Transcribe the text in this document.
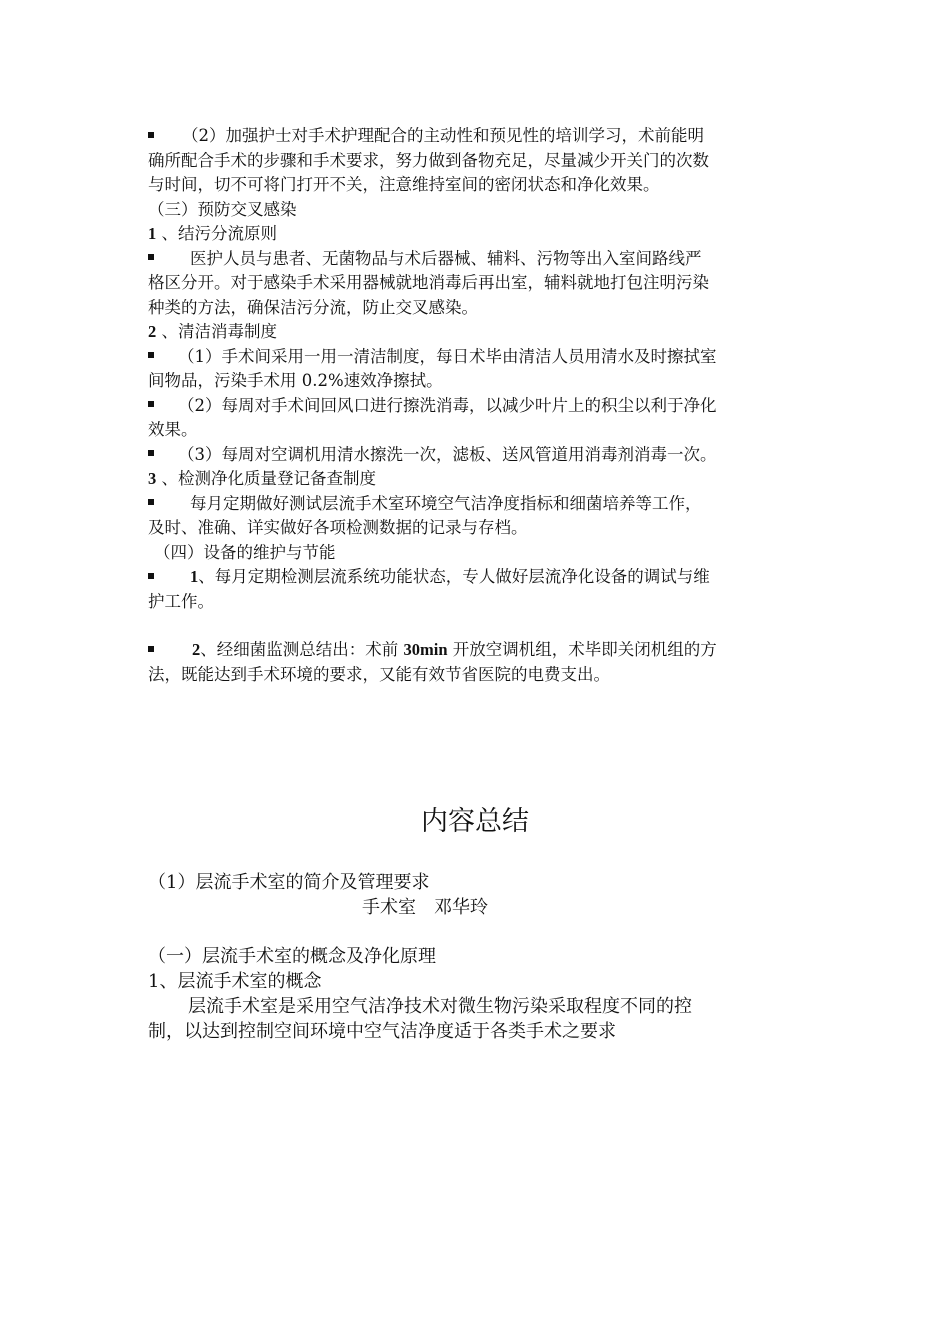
（2）加强护士对手术护理配合的主动性和预见性的培训学习，术前能明
确所配合手术的步骤和手术要求，努力做到备物充足，尽量减少开关门的次数
与时间，切不可将门打开不关，注意维持室间的密闭状态和净化效果。
（三）预防交叉感染
1 、结污分流原则
医护人员与患者、无菌物品与术后器械、辅料、污物等出入室间路线严
格区分开。对于感染手术采用器械就地消毒后再出室，辅料就地打包注明污染
种类的方法，确保洁污分流，防止交叉感染。
2 、清洁消毒制度
（1）手术间采用一用一清洁制度，每日术毕由清洁人员用清水及时擦拭室
间物品，污染手术用 0.2%速效净擦拭。
（2）每周对手术间回风口进行擦洗消毒，以减少叶片上的积尘以利于净化
效果。
（3）每周对空调机用清水擦洗一次，滤板、送风管道用消毒剂消毒一次。
3 、检测净化质量登记备查制度
每月定期做好测试层流手术室环境空气洁净度指标和细菌培养等工作，
及时、准确、详实做好各项检测数据的记录与存档。
（四）设备的维护与节能
1、每月定期检测层流系统功能状态，专人做好层流净化设备的调试与维
护工作。
2、经细菌监测总结出：术前 30min 开放空调机组，术毕即关闭机组的方
法，既能达到手术环境的要求，又能有效节省医院的电费支出。
内容总结
（1）层流手术室的简介及管理要求
手术室　邓华玲
（一）层流手术室的概念及净化原理
1、层流手术室的概念
层流手术室是采用空气洁净技术对微生物污染采取程度不同的控
制，以达到控制空间环境中空气洁净度适于各类手术之要求
